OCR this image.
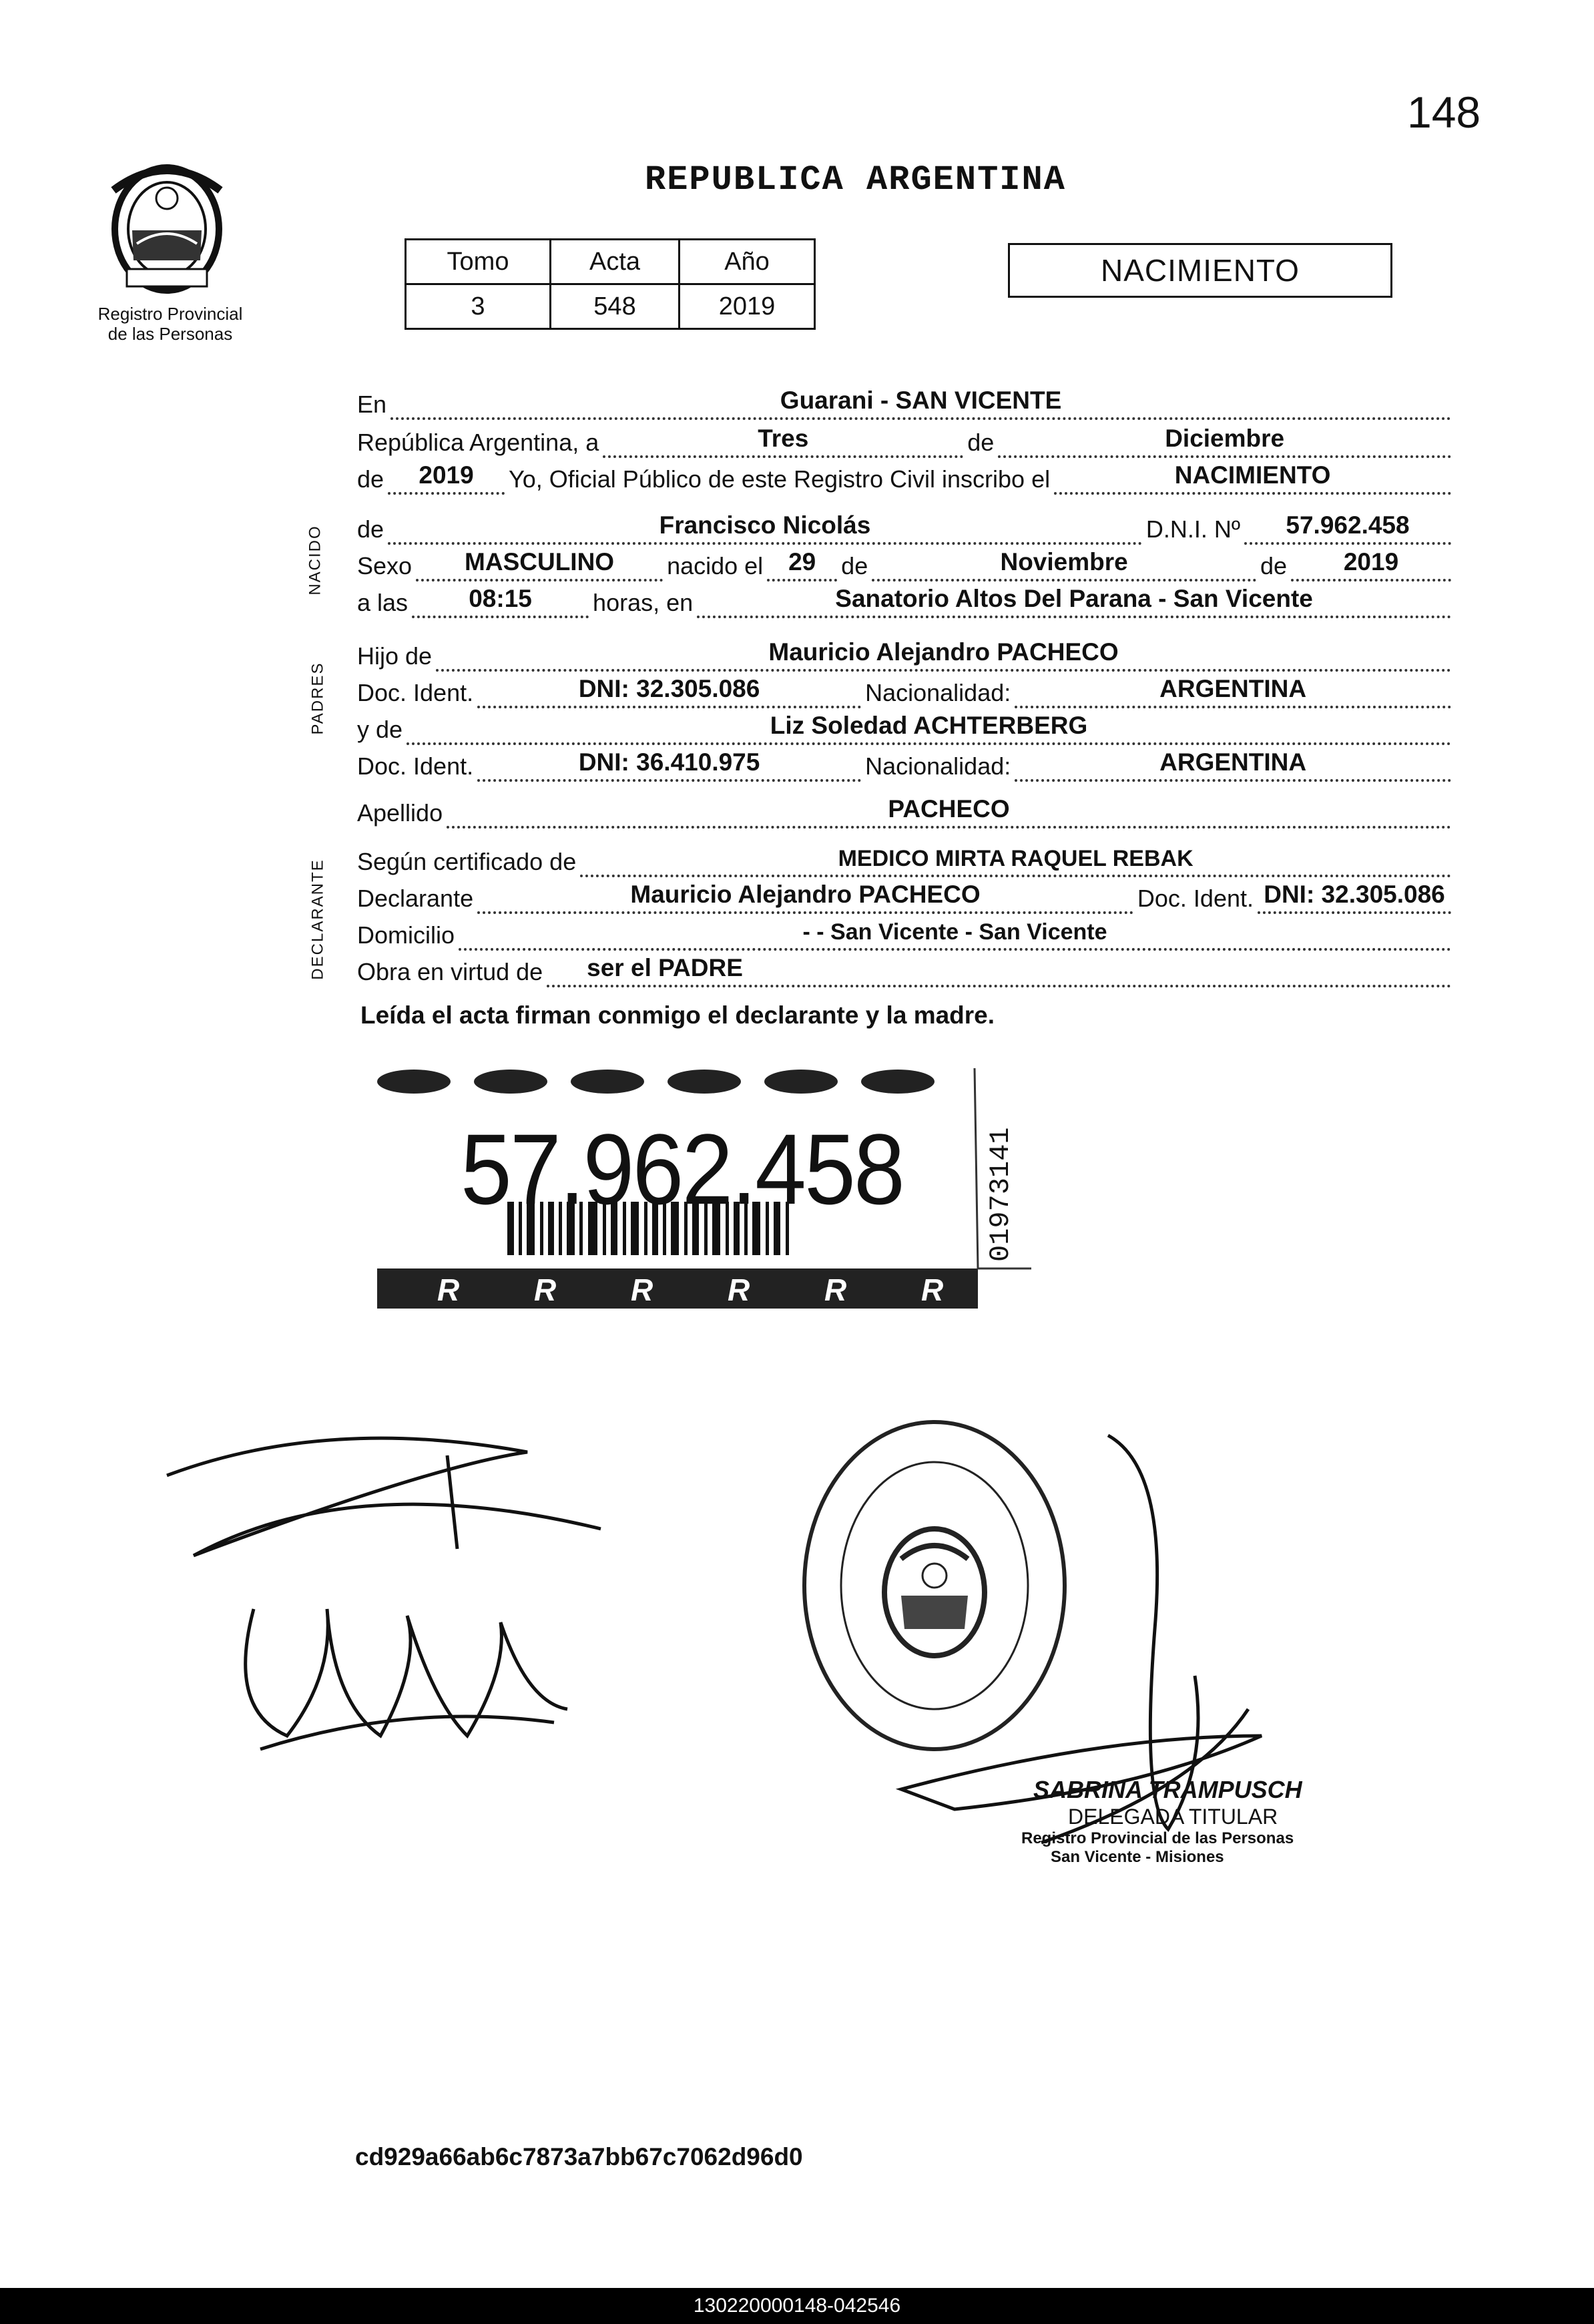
148
REPUBLICA ARGENTINA
Registro Provincial
de las Personas
Tomo	Acta	Año
3	548	2019
NACIMIENTO
NACIDO
PADRES
DECLARANTE
En	Guarani - SAN VICENTE
República Argentina, a	Tres	de	Diciembre
de	2019	Yo, Oficial Público de este Registro Civil inscribo el	NACIMIENTO
de	Francisco Nicolás	D.N.I. Nº	57.962.458
Sexo	MASCULINO	nacido el	29	de	Noviembre	de	2019
a las	08:15	horas, en	Sanatorio Altos Del Parana - San Vicente
Hijo de	Mauricio Alejandro PACHECO
Doc. Ident.	DNI: 32.305.086	Nacionalidad:	ARGENTINA
y de	Liz Soledad ACHTERBERG
Doc. Ident.	DNI: 36.410.975	Nacionalidad:	ARGENTINA
Apellido	PACHECO
Según certificado de	MEDICO MIRTA RAQUEL REBAK
Declarante	Mauricio Alejandro PACHECO	Doc. Ident. DNI: 32.305.086
Domicilio	- - San Vicente - San Vicente
Obra en virtud de ser el PADRE
Leída el acta firman conmigo el declarante y la madre.
R R R R R R
57.962.458	01973141
SABRINA TRAMPUSCH
DELEGADA TITULAR
Registro Provincial de las Personas
San Vicente - Misiones
cd929a66ab6c7873a7bb67c7062d96d0
130220000148-042546
